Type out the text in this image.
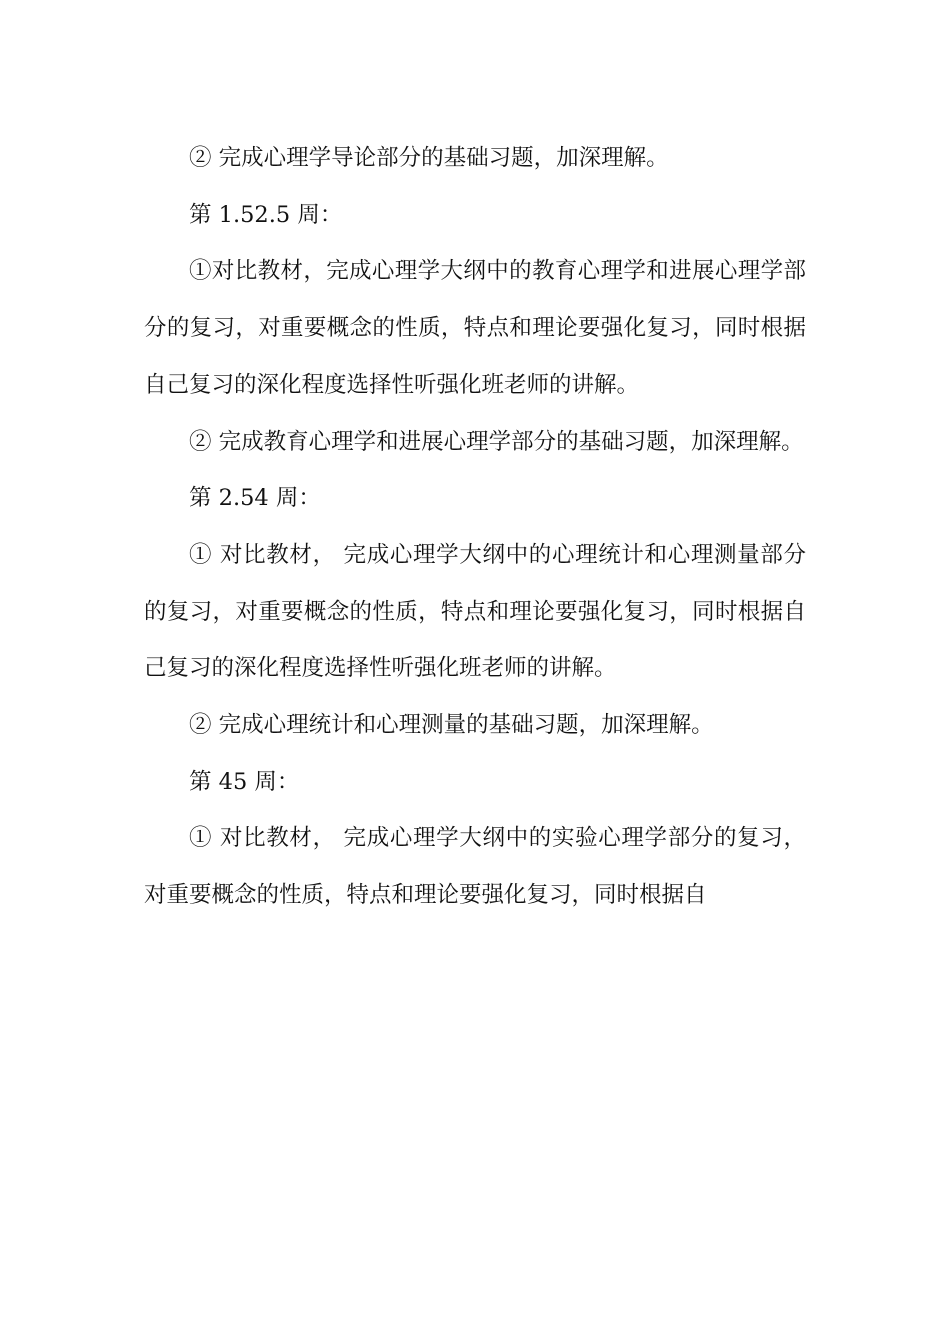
② 完成心理学导论部分的基础习题，加深理解。

第 1.52.5 周：

①对比教材，完成心理学大纲中的教育心理学和进展心理学部分的复习，对重要概念的性质，特点和理论要强化复习，同时根据自己复习的深化程度选择性听强化班老师的讲解。

② 完成教育心理学和进展心理学部分的基础习题，加深理解。

第 2.54 周：

① 对比教材， 完成心理学大纲中的心理统计和心理测量部分的复习，对重要概念的性质，特点和理论要强化复习，同时根据自己复习的深化程度选择性听强化班老师的讲解。

② 完成心理统计和心理测量的基础习题，加深理解。

第 45 周：

① 对比教材， 完成心理学大纲中的实验心理学部分的复习，对重要概念的性质，特点和理论要强化复习，同时根据自
